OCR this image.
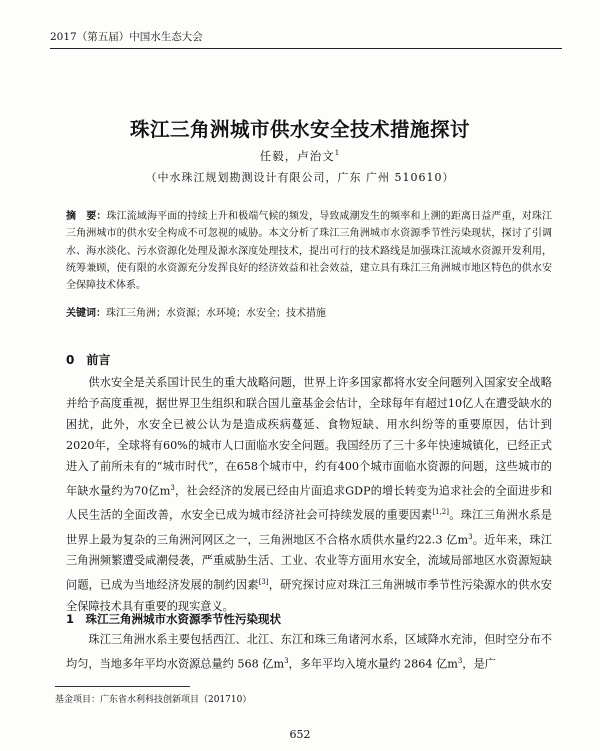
2017（第五届）中国水生态大会
珠江三角洲城市供水安全技术措施探讨
任毅，卢治文$^1$
（中水珠江规划勘测设计有限公司，广东 广州 510610）

摘　要：珠江流域海平面的持续上升和极端气候的频发，导致咸潮发生的频率和上溯的距离日益严重，对珠江三角洲城市的供水安全构成不可忽视的威胁。本文分析了珠江三角洲城市水资源季节性污染现状，探讨了引调水、海水淡化、污水资源化处理及源水深度处理技术，提出可行的技术路线是加强珠江流域水资源开发利用，统筹兼顾，使有限的水资源充分发挥良好的经济效益和社会效益，建立具有珠江三角洲城市地区特色的供水安全保障技术体系。

关键词：珠江三角洲；水资源；水环境；水安全；技术措施

0　前言

供水安全是关系国计民生的重大战略问题，世界上许多国家都将水安全问题列入国家安全战略并给予高度重视，据世界卫生组织和联合国儿童基金会估计，全球每年有超过10亿人在遭受缺水的困扰，此外，水安全已被公认为是造成疾病蔓延、食物短缺、用水纠纷等的重要原因，估计到2020年，全球将有60%的城市人口面临水安全问题。我国经历了三十多年快速城镇化，已经正式进入了前所未有的“城市时代”，在658个城市中，约有400个城市面临水资源的问题，这些城市的年缺水量约为70亿$m^3$，社会经济的发展已经由片面追求GDP的增长转变为追求社会的全面进步和人民生活的全面改善，水安全已成为城市经济社会可持续发展的重要因素[1,2]。珠江三角洲水系是世界上最为复杂的三角洲河网区之一，三角洲地区不合格水质供水量约22.3 亿$m^3$。近年来，珠江三角洲频繁遭受咸潮侵袭，严重威胁生活、工业、农业等方面用水安全，流域局部地区水资源短缺问题，已成为当地经济发展的制约因素[3]，研究探讨应对珠江三角洲城市季节性污染源水的供水安全保障技术具有重要的现实意义。

1　珠江三角洲城市水资源季节性污染现状

珠江三角洲水系主要包括西江、北江、东江和珠三角诸河水系，区域降水充沛，但时空分布不均匀，当地多年平均水资源总量约 568 亿$m^3$，多年平均入境水量约 2864 亿$m^3$，是广

基金项目：广东省水利科技创新项目（201710）
652
